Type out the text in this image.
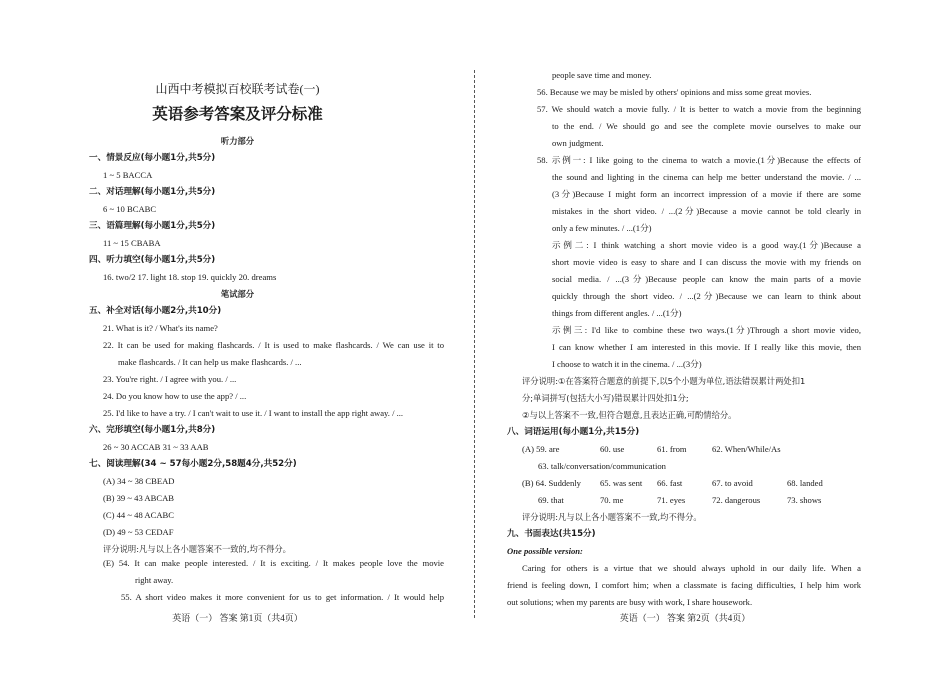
山西中考模拟百校联考试卷(一)
英语参考答案及评分标准
听力部分
一、情景反应(每小题1分,共5分)
1 ~ 5 BACCA
二、对话理解(每小题1分,共5分)
6 ~ 10 BCABC
三、语篇理解(每小题1分,共5分)
11 ~ 15 CBABA
四、听力填空(每小题1分,共5分)
16. two/2 17. light 18. stop 19. quickly 20. dreams
笔试部分
五、补全对话(每小题2分,共10分)
21. What is it? / What's its name?
22. It can be used for making flashcards. / It is used to make flashcards. / We can use it to
make flashcards. / It can help us make flashcards. / ...
23. You're right. / I agree with you. / ...
24. Do you know how to use the app? / ...
25. I'd like to have a try. / I can't wait to use it. / I want to install the app right away. / ...
六、完形填空(每小题1分,共8分)
26 ~ 30 ACCAB 31 ~ 33 AAB
七、阅读理解(34 ~ 57每小题2分,58题4分,共52分)
(A) 34 ~ 38 CBEAD
(B) 39 ~ 43 ABCAB
(C) 44 ~ 48 ACABC
(D) 49 ~ 53 CEDAF
评分说明:凡与以上各小题答案不一致的,均不得分。
(E) 54. It can make people interested. / It is exciting. / It makes people love the movie
right away.
55. A short video makes it more convenient for us to get information. / It would help
英语（一） 答案 第1页（共4页）
people save time and money.
56. Because we may be misled by others' opinions and miss some great movies.
57. We should watch a movie fully. / It is better to watch a movie from the beginning
to the end. / We should go and see the complete movie ourselves to make our
own judgment.
58. 示例一: I like going to the cinema to watch a movie.(1分)Because the effects of
the sound and lighting in the cinema can help me better understand the movie. / ...
(3分)Because I might form an incorrect impression of a movie if there are some
mistakes in the short video. / ...(2分)Because a movie cannot be told clearly in
only a few minutes. / ...(1分)
示例二: I think watching a short movie video is a good way.(1分)Because a
short movie video is easy to share and I can discuss the movie with my friends on
social media. / ...(3分)Because people can know the main parts of a movie
quickly through the short video. / ...(2分)Because we can learn to think about
things from different angles. / ...(1分)
示例三: I'd like to combine these two ways.(1分)Through a short movie video,
I can know whether I am interested in this movie. If I really like this movie, then
I choose to watch it in the cinema. / ...(3分)
评分说明:①在答案符合题意的前提下,以5个小题为单位,语法错误累计两处扣1
分;单词拼写(包括大小写)错误累计四处扣1分;
②与以上答案不一致,但符合题意,且表达正确,可酌情给分。
八、词语运用(每小题1分,共15分)
(A) 59. are	60. use	61. from	62. When/While/As
63. talk/conversation/communication
(B) 64. Suddenly 65. was sent 66. fast	67. to avoid	68. landed
69. that	70. me	71. eyes	72. dangerous	73. shows
评分说明:凡与以上各小题答案不一致,均不得分。
九、书面表达(共15分)
One possible version:
Caring for others is a virtue that we should always uphold in our daily life. When a
friend is feeling down, I comfort him; when a classmate is facing difficulties, I help him work
out solutions; when my parents are busy with work, I share housework.
英语（一） 答案 第2页（共4页）
